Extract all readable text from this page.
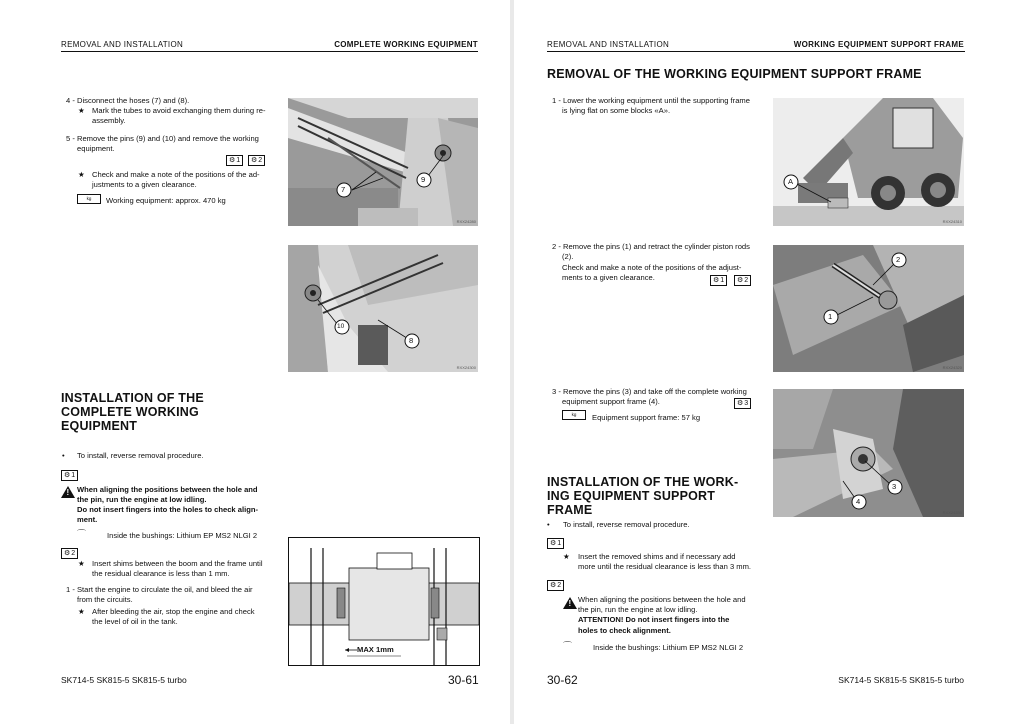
REMOVAL AND INSTALLATION	COMPLETE WORKING EQUIPMENT
4 - Disconnect the hoses (7) and (8).
★ Mark the tubes to avoid exchanging them during re-
assembly.
5 - Remove the pins (9) and (10) and remove the working
equipment.
⚙ 1 ⚙ 2
★ Check and make a note of the positions of the ad-
justments to a given clearance.
kg	Working equipment: approx. 470 kg
7
9
RXX24280
10
8
RXX24300
INSTALLATION OF THE
COMPLETE WORKING
EQUIPMENT
• To install, reverse removal procedure.
⚙ 1
! When aligning the positions between the hole and
the pin, run the engine at low idling.
Do not insert fingers into the holes to check align-
ment.
⌒	Inside the bushings: Lithium EP MS2 NLGI 2
⚙ 2
★ Insert shims between the boom and the frame until
the residual clearance is less than 1 mm.
1 - Start the engine to circulate the oil, and bleed the air
from the circuits.
★ After bleeding the air, stop the engine and check
the level of oil in the tank.
MAX 1mm
SK714-5 SK815-5 SK815-5 turbo	30-61
REMOVAL AND INSTALLATION	WORKING EQUIPMENT SUPPORT FRAME
REMOVAL OF THE WORKING EQUIPMENT SUPPORT FRAME
1 - Lower the working equipment until the supporting frame
is lying flat on some blocks «A».
A
RXX24310
2 - Remove the pins (1) and retract the cylinder piston rods
(2).
Check and make a note of the positions of the adjust-
ments to a given clearance.	⚙ 1 ⚙ 2
2
1
RXX24320
3 - Remove the pins (3) and take off the complete working
equipment support frame (4).	⚙ 3
kg	Equipment support frame: 57 kg
3
4
RXX24330
INSTALLATION OF THE WORK-
ING EQUIPMENT SUPPORT
FRAME
• To install, reverse removal procedure.
⚙ 1
★ Insert the removed shims and if necessary add
more until the residual clearance is less than 3 mm.
⚙ 2
! When aligning the positions between the hole and
the pin, run the engine at low idling.
ATTENTION! Do not insert fingers into the
holes to check alignment.
⌒	Inside the bushings: Lithium EP MS2 NLGI 2
30-62	SK714-5 SK815-5 SK815-5 turbo
